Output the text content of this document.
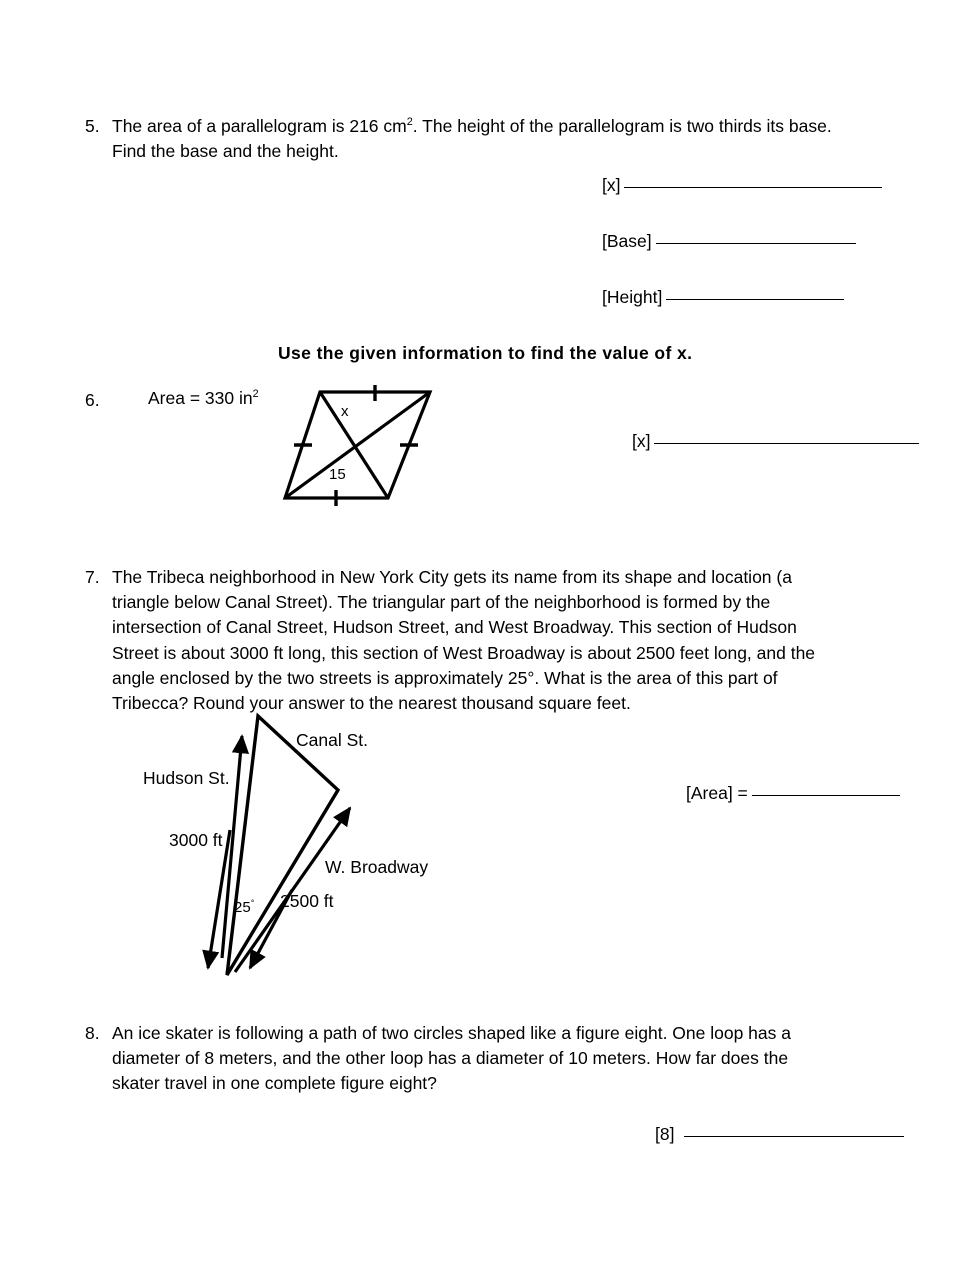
5. The area of a parallelogram is 216 $cm^2$. The height of the parallelogram is two thirds its base.

Find the base and the height.

[x]
[Base]
[Height]
Use the given information to find the value of x.
6.	Area = 330 $in^2$
x
15
[x]
7. The Tribeca neighborhood in New York City gets its name from its shape and location (a

triangle below Canal Street). The triangular part of the neighborhood is formed by the

intersection of Canal Street, Hudson Street, and West Broadway. This section of Hudson

Street is about 3000 ft long, this section of West Broadway is about 2500 feet long, and the

angle enclosed by the two streets is approximately 25°. What is the area of this part of

Tribecca? Round your answer to the nearest thousand square feet.

Canal St.
Hudson St.
3000 ft
W. Broadway
2500 ft
25°
[Area] =
8. An ice skater is following a path of two circles shaped like a figure eight. One loop has a

diameter of 8 meters, and the other loop has a diameter of 10 meters. How far does the

skater travel in one complete figure eight?

[8]
